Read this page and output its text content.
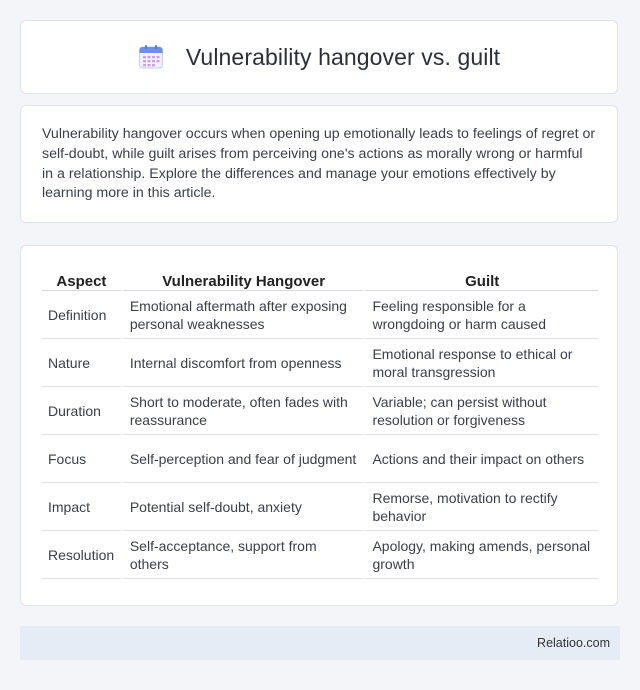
Vulnerability hangover vs. guilt

Vulnerability hangover occurs when opening up emotionally leads to feelings of regret or self-doubt, while guilt arises from perceiving one's actions as morally wrong or harmful in a relationship. Explore the differences and manage your emotions effectively by learning more in this article.

Aspect	Vulnerability Hangover	Guilt
Definition	Emotional aftermath after exposing personal weaknesses	Feeling responsible for a wrongdoing or harm caused
Nature	Internal discomfort from openness	Emotional response to ethical or moral transgression
Duration	Short to moderate, often fades with reassurance	Variable; can persist without resolution or forgiveness
Focus	Self-perception and fear of judgment	Actions and their impact on others
Impact	Potential self-doubt, anxiety	Remorse, motivation to rectify behavior
Resolution	Self-acceptance, support from others	Apology, making amends, personal growth
Relatioo.com
